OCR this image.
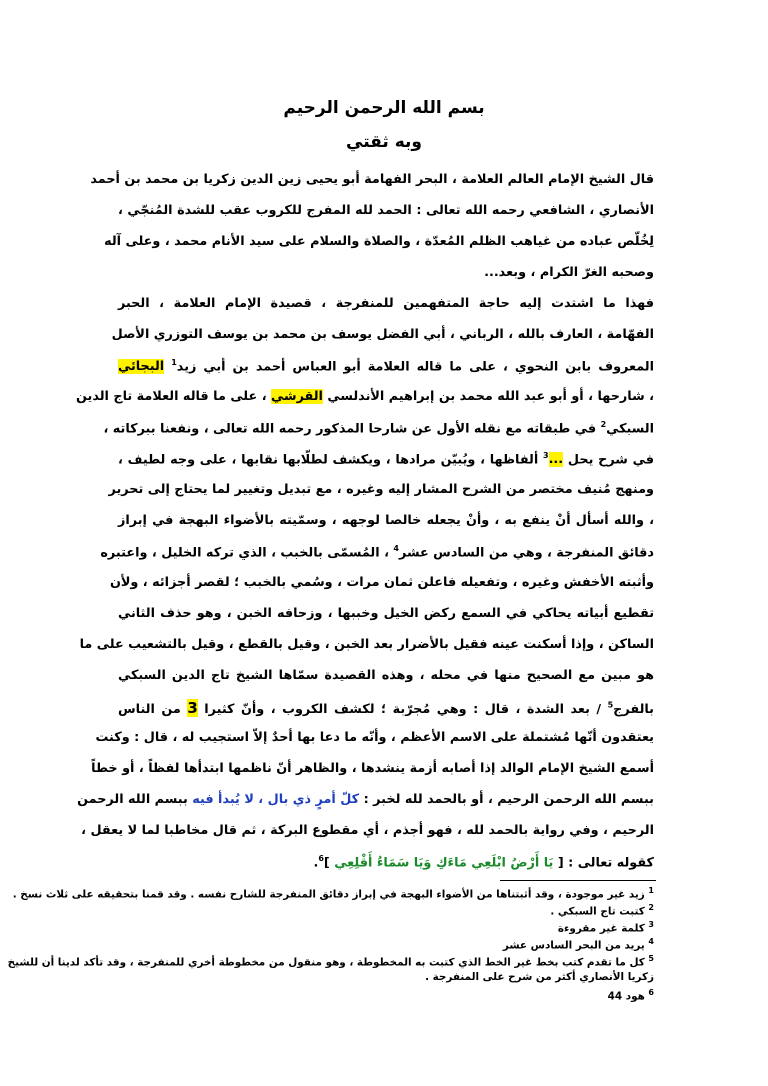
بسم الله الرحمن الرحيم
وبه ثقتي
قال الشيخ الإمام العالم العلامة ، البحر الفهامة أبو يحيى زين الدين زكريا بن محمد بن أحمد
الأنصاري ، الشافعي رحمه الله تعالى : الحمد لله المفرج للكروب عقب للشدة المُنجّي ،
لِخُلّص عباده من غياهب الظلم المُعدّة ، والصلاة والسلام على سيد الأنام محمد ، وعلى آله
وصحبه الغرّ الكرام ، وبعد...
فهذا ما اشتدت إليه حاجة المتفهمين للمنفرجة ، قصيدة الإمام العلامة ، الحبر
الفهّامة ، العارف بالله ، الرباني ، أبي الفضل يوسف بن محمد بن يوسف التوزري الأصل
المعروف بابن النحوي ، على ما قاله العلامة أبو العباس أحمد بن أبي زيد$^1$ البجائي
، شارحها ، أو أبو عبد الله محمد بن إبراهيم الأندلسي القرشي ، على ما قاله العلامة تاج الدين
السبكي$^2$ في طبقاته مع نقله الأول عن شارحا المذكور رحمه الله تعالى ، ونفعنا ببركاته ،
في شرح يحل ...$^3$ ألفاظها ، ويُبيّن مرادها ، ويكشف لطلّابها نقابها ، على وجه لطيف ،
ومنهج مُنيف مختصر من الشرح المشار إليه وغيره ، مع تبديل وتغيير لما يحتاج إلى تحرير
، والله أسأل أنْ ينفع به ، وأنْ يجعله خالصا لوجهه ، وسمّيته بالأضواء البهجة في إبراز
دقائق المنفرجة ، وهي من السادس عشر$^4$ ، المُسمّى بالخبب ، الذي تركه الخليل ، واعتبره
وأثبته الأخفش وغيره ، وتفعيله فاعلن ثمان مرات ، وسُمي بالخبب ؛ لقصر أجزائه ، ولأن
تقطيع أبياته يحاكي في السمع ركض الخيل وخببها ، وزحافه الخبن ، وهو حذف الثاني
الساكن ، وإذا أسكنت عينه فقيل بالأضرار بعد الخبن ، وقيل بالقطع ، وقيل بالتشعيب على ما
هو مبين مع الصحيح منها في محله ، وهذه القصيدة سمّاها الشيخ تاج الدين السبكي
بالفرج$^5$ / بعد الشدة ، قال : وهي مُجرّبة ؛ لكشف الكروب ، وأنّ كثيرا 3 من الناس
يعتقدون أنّها مُشتملة على الاسم الأعظم ، وأنّه ما دعا بها أحدٌ إلاّ استجيب له ، قال : وكنت
أسمع الشيخ الإمام الوالد إذا أصابه أزمة ينشدها ، والظاهر أنّ ناظمها ابتدأها لفظاً ، أو خطاً
ببسم الله الرحمن الرحيم ، أو بالحمد لله لخبر : كلّ أمرٍ ذي بال ، لا يُبدأ فيه ببسم الله الرحمن
الرحيم ، وفي رواية بالحمد لله ، فهو أجذم ، أي مقطوع البركة ، ثم قال مخاطبا لما لا يعقل ،
كقوله تعالى : [ يَا أَرْضُ ابْلَعِي مَاءَكِ وَيَا سَمَاءُ أَقْلِعِي ]$^6$.
$^1$ زيد غير موجودة ، وقد أثبتناها من الأضواء البهجة في إبراز دقائق المنفرجة للشارح نفسه . وقد قمنا بتحقيقه على ثلاث نسخ .
$^2$ كتبت تاج السبكي .
$^3$ كلمة غير مقروءة
$^4$ يريد من البحر السادس عشر
$^5$ كل ما تقدم كتب بخط غير الخط الذي كتبت به المخطوطة ، وهو منقول من مخطوطة أخري للمنفرجة ، وقد تأكد لدينا أن للشيخ
زكريا الأنصاري أكثر من شرح على المنفرجة .
$^6$ هود 44
